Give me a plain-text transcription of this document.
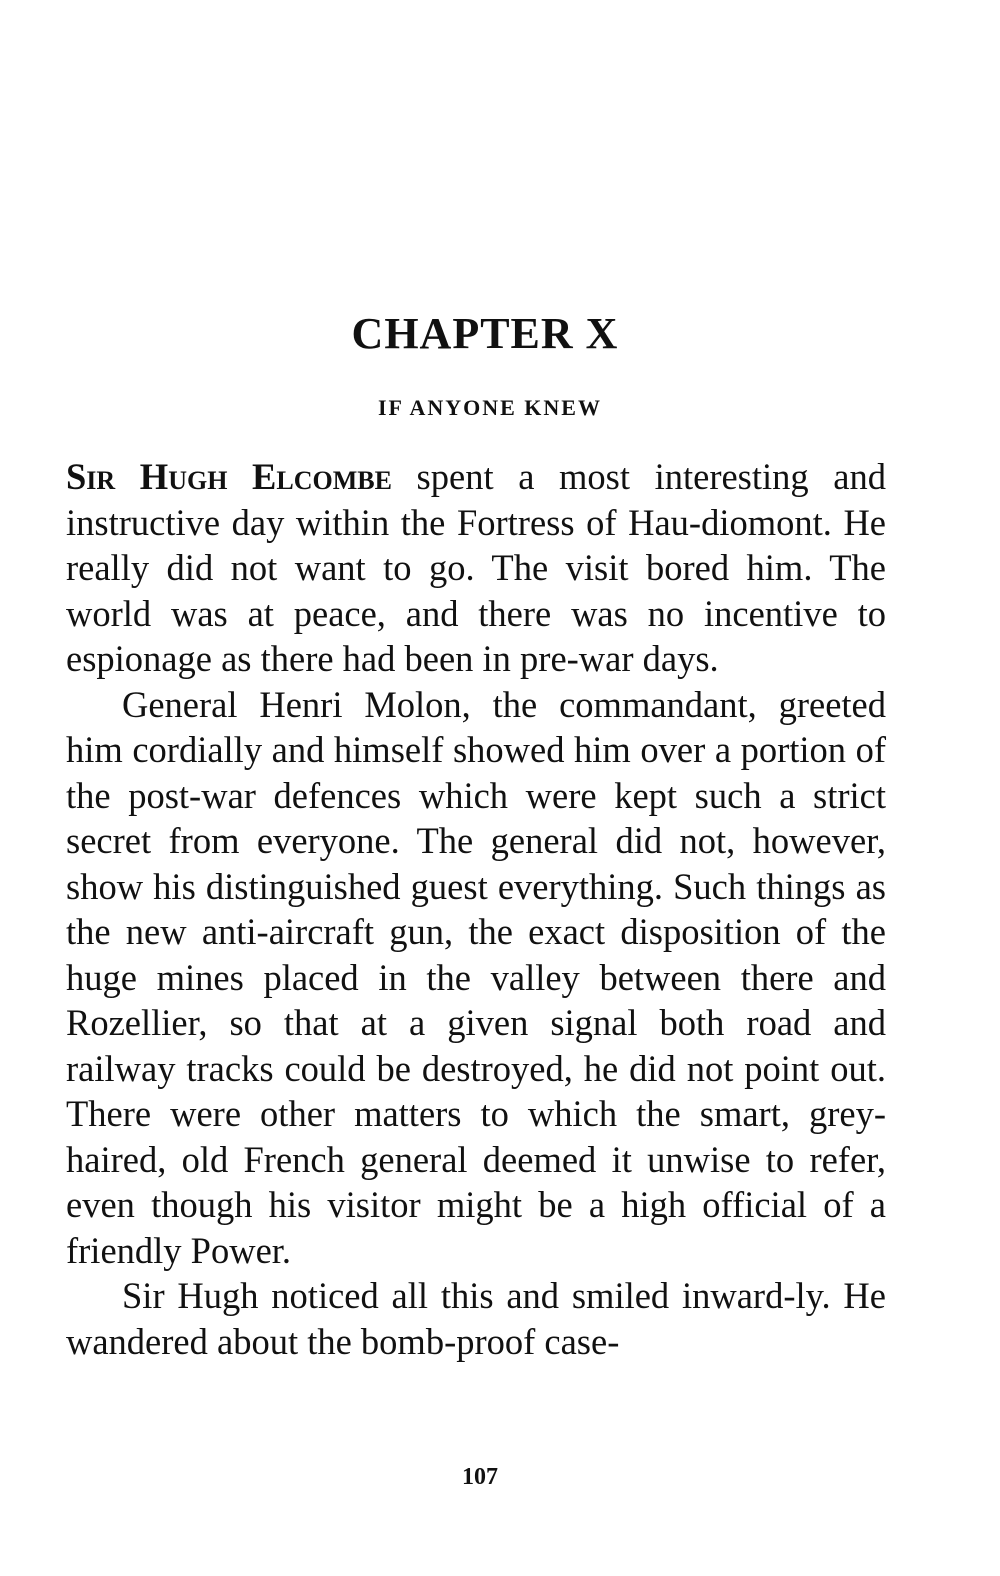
CHAPTER X
IF ANYONE KNEW

Sir Hugh Elcombe spent a most interesting and instructive day within the Fortress of Hau-diomont. He really did not want to go. The visit bored him. The world was at peace, and there was no incentive to espionage as there had been in pre-war days.

General Henri Molon, the commandant, greeted him cordially and himself showed him over a portion of the post-war defences which were kept such a strict secret from everyone. The general did not, however, show his distinguished guest everything. Such things as the new anti-aircraft gun, the exact disposition of the huge mines placed in the valley between there and Rozellier, so that at a given signal both road and railway tracks could be destroyed, he did not point out. There were other matters to which the smart, grey-haired, old French general deemed it unwise to refer, even though his visitor might be a high official of a friendly Power.

Sir Hugh noticed all this and smiled inward-ly. He wandered about the bomb-proof case-

107
